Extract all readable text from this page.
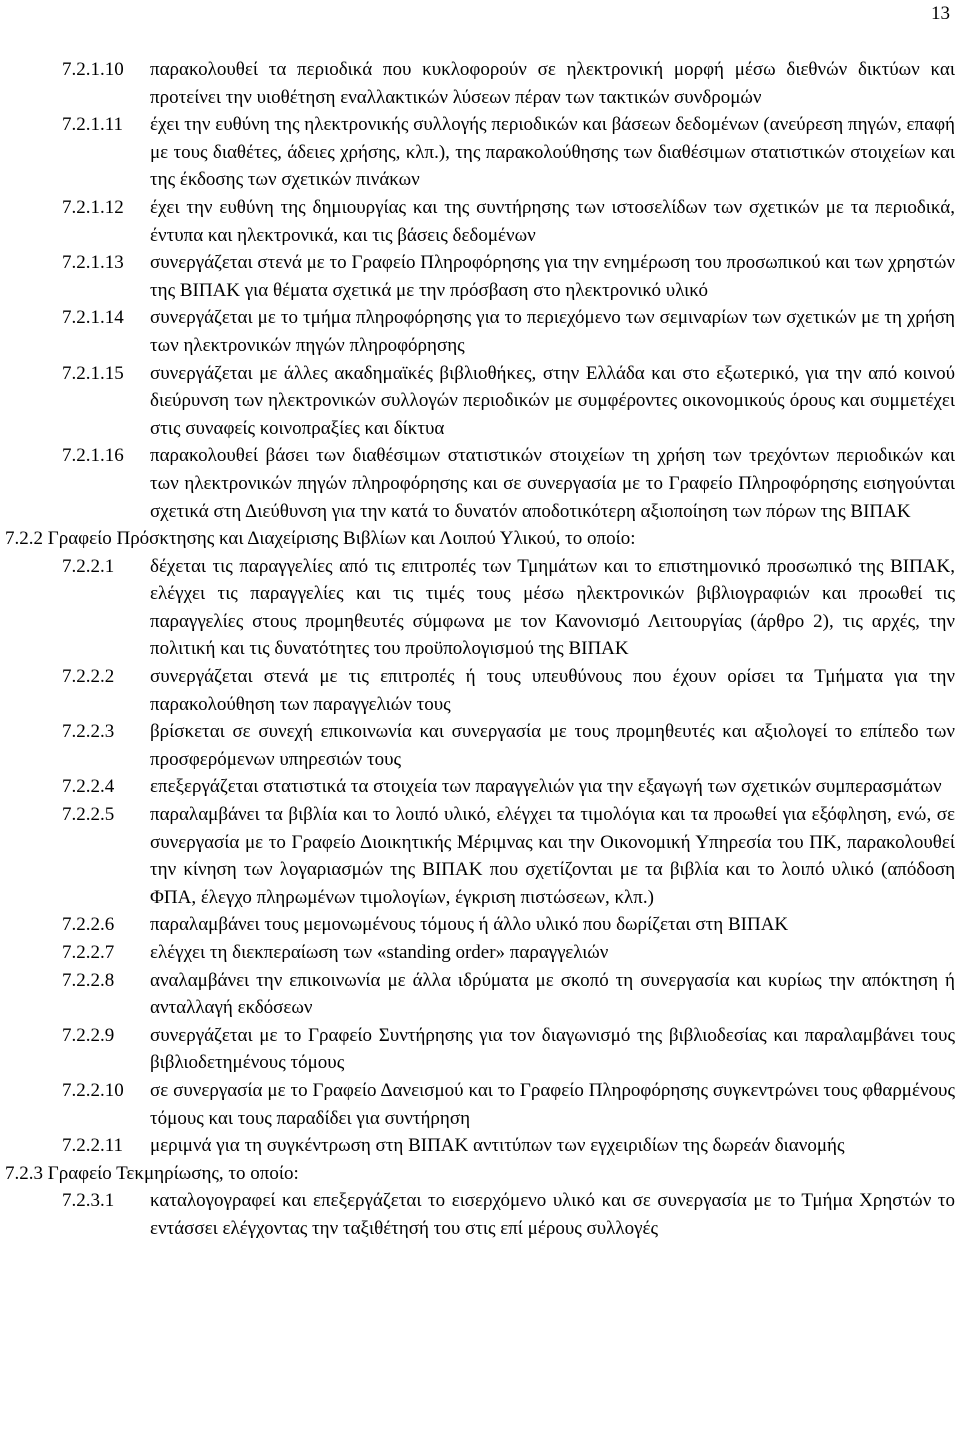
13
7.2.1.10 παρακολουθεί τα περιοδικά που κυκλοφορούν σε ηλεκτρονική μορφή μέσω διεθνών δικτύων και προτείνει την υιοθέτηση εναλλακτικών λύσεων πέραν των τακτικών συνδρομών
7.2.1.11 έχει την ευθύνη της ηλεκτρονικής συλλογής περιοδικών και βάσεων δεδομένων (ανεύρεση πηγών, επαφή με τους διαθέτες, άδειες χρήσης, κλπ.), της παρακολούθησης των διαθέσιμων στατιστικών στοιχείων και της έκδοσης των σχετικών πινάκων
7.2.1.12 έχει την ευθύνη της δημιουργίας και της συντήρησης των ιστοσελίδων των σχετικών με τα περιοδικά, έντυπα και ηλεκτρονικά, και τις βάσεις δεδομένων
7.2.1.13 συνεργάζεται στενά με το Γραφείο Πληροφόρησης για την ενημέρωση του προσωπικού και των χρηστών της ΒΙΠΑΚ για θέματα σχετικά με την πρόσβαση στο ηλεκτρονικό υλικό
7.2.1.14 συνεργάζεται με το τμήμα πληροφόρησης για το περιεχόμενο των σεμιναρίων των σχετικών με τη χρήση των ηλεκτρονικών πηγών πληροφόρησης
7.2.1.15 συνεργάζεται με άλλες ακαδημαϊκές βιβλιοθήκες, στην Ελλάδα και στο εξωτερικό, για την από κοινού διεύρυνση των ηλεκτρονικών συλλογών περιοδικών με συμφέροντες οικονομικούς όρους και συμμετέχει στις συναφείς κοινοπραξίες και δίκτυα
7.2.1.16 παρακολουθεί βάσει των διαθέσιμων στατιστικών στοιχείων τη χρήση των τρεχόντων περιοδικών και των ηλεκτρονικών πηγών πληροφόρησης και σε συνεργασία με το Γραφείο Πληροφόρησης εισηγούνται σχετικά στη Διεύθυνση για την κατά το δυνατόν αποδοτικότερη αξιοποίηση των πόρων της ΒΙΠΑΚ
7.2.2 Γραφείο Πρόσκτησης και Διαχείρισης Βιβλίων και Λοιπού Υλικού, το οποίο:
7.2.2.1 δέχεται τις παραγγελίες από τις επιτροπές των Τμημάτων και το επιστημονικό προσωπικό της ΒΙΠΑΚ, ελέγχει τις παραγγελίες και τις τιμές τους μέσω ηλεκτρονικών βιβλιογραφιών και προωθεί τις παραγγελίες στους προμηθευτές σύμφωνα με τον Κανονισμό Λειτουργίας (άρθρο 2), τις αρχές, την πολιτική και τις δυνατότητες του προϋπολογισμού της ΒΙΠΑΚ
7.2.2.2 συνεργάζεται στενά με τις επιτροπές ή τους υπευθύνους που έχουν ορίσει τα Τμήματα για την παρακολούθηση των παραγγελιών τους
7.2.2.3 βρίσκεται σε συνεχή επικοινωνία και συνεργασία με τους προμηθευτές και αξιολογεί το επίπεδο των προσφερόμενων υπηρεσιών τους
7.2.2.4 επεξεργάζεται στατιστικά τα στοιχεία των παραγγελιών για την εξαγωγή των σχετικών συμπερασμάτων
7.2.2.5 παραλαμβάνει τα βιβλία και το λοιπό υλικό, ελέγχει τα τιμολόγια και τα προωθεί για εξόφληση, ενώ, σε συνεργασία με το Γραφείο Διοικητικής Μέριμνας και την Οικονομική Υπηρεσία του ΠΚ, παρακολουθεί την κίνηση των λογαριασμών της ΒΙΠΑΚ που σχετίζονται με τα βιβλία και το λοιπό υλικό (απόδοση ΦΠΑ, έλεγχο πληρωμένων τιμολογίων, έγκριση πιστώσεων, κλπ.)
7.2.2.6 παραλαμβάνει τους μεμονωμένους τόμους ή άλλο υλικό που δωρίζεται στη ΒΙΠΑΚ
7.2.2.7 ελέγχει τη διεκπεραίωση των «standing order» παραγγελιών
7.2.2.8 αναλαμβάνει την επικοινωνία με άλλα ιδρύματα με σκοπό τη συνεργασία και κυρίως την απόκτηση ή ανταλλαγή εκδόσεων
7.2.2.9 συνεργάζεται με το Γραφείο Συντήρησης για τον διαγωνισμό της βιβλιοδεσίας και παραλαμβάνει τους βιβλιοδετημένους τόμους
7.2.2.10 σε συνεργασία με το Γραφείο Δανεισμού και το Γραφείο Πληροφόρησης συγκεντρώνει τους φθαρμένους τόμους και τους παραδίδει για συντήρηση
7.2.2.11 μεριμνά για τη συγκέντρωση στη ΒΙΠΑΚ αντιτύπων των εγχειριδίων της δωρεάν διανομής
7.2.3 Γραφείο Τεκμηρίωσης, το οποίο:
7.2.3.1 καταλογογραφεί και επεξεργάζεται το εισερχόμενο υλικό και σε συνεργασία με το Τμήμα Χρηστών το εντάσσει ελέγχοντας την ταξιθέτησή του στις επί μέρους συλλογές
